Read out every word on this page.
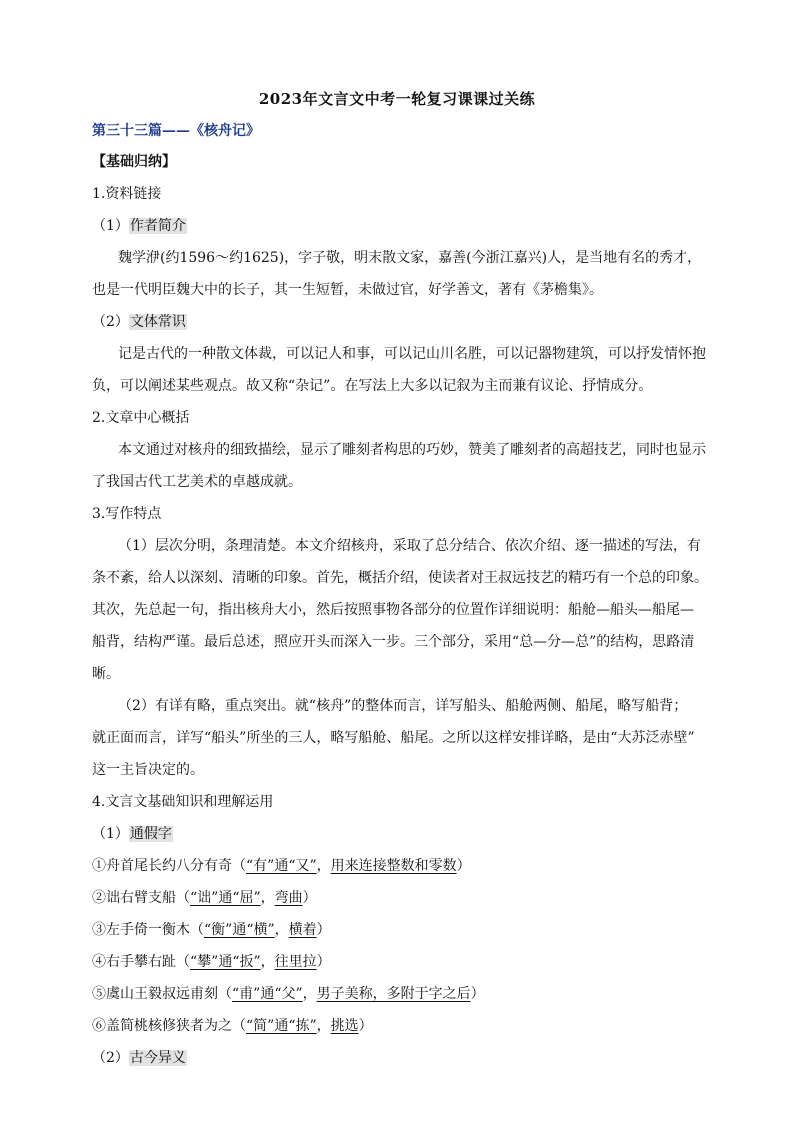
2023年文言文中考一轮复习课课过关练
第三十三篇——《核舟记》
【基础归纳】
1.资料链接
（1）作者简介
魏学洢(约1596～约1625)，字子敬，明末散文家，嘉善(今浙江嘉兴)人，是当地有名的秀才，
也是一代明臣魏大中的长子，其一生短暂，未做过官，好学善文，著有《茅檐集》。
（2）文体常识
记是古代的一种散文体裁，可以记人和事，可以记山川名胜，可以记器物建筑，可以抒发情怀抱
负，可以阐述某些观点。故又称“杂记”。在写法上大多以记叙为主而兼有议论、抒情成分。
2.文章中心概括
本文通过对核舟的细致描绘，显示了雕刻者构思的巧妙，赞美了雕刻者的高超技艺，同时也显示
了我国古代工艺美术的卓越成就。
3.写作特点
（1）层次分明，条理清楚。本文介绍核舟，采取了总分结合、依次介绍、逐一描述的写法，有
条不紊，给人以深刻、清晰的印象。首先，概括介绍，使读者对王叔远技艺的精巧有一个总的印象。
其次，先总起一句，指出核舟大小，然后按照事物各部分的位置作详细说明：船舱—船头—船尾—
船背，结构严谨。最后总述，照应开头而深入一步。三个部分，采用“总—分—总”的结构，思路清
晰。
（2）有详有略，重点突出。就“核舟”的整体而言，详写船头、船舱两侧、船尾，略写船背；
就正面而言，详写“船头”所坐的三人，略写船舱、船尾。之所以这样安排详略，是由“大苏泛赤壁”
这一主旨决定的。
4.文言文基础知识和理解运用
（1）通假字
①舟首尾长约八分有奇（“有”通“又”，用来连接整数和零数）
②诎右臂支船（“诎”通“屈”，弯曲）
③左手倚一衡木（“衡”通“横”，横着）
④右手攀右趾（“攀”通“扳”，往里拉）
⑤虞山王毅叔远甫刻（“甫”通“父”，男子美称，多附于字之后）
⑥盖简桃核修狭者为之（“简”通“拣”，挑选）
（2）古今异义
